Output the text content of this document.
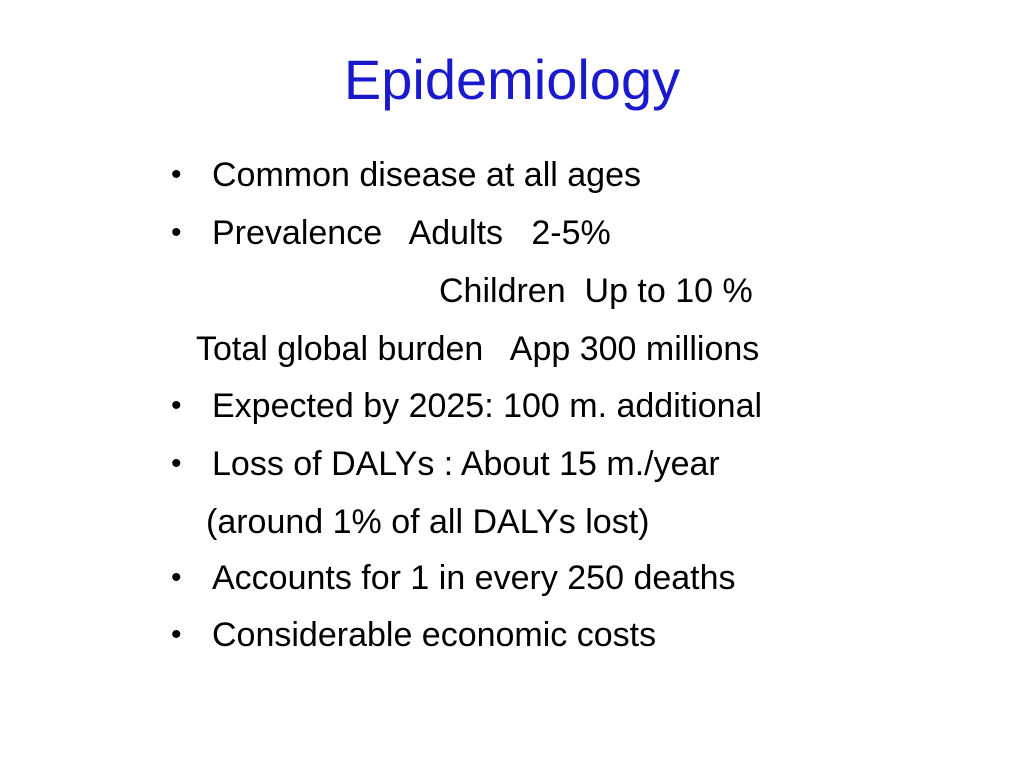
Epidemiology
• Common disease at all ages
• Prevalence   Adults   2-5%
Children  Up to 10 %
Total global burden   App 300 millions
• Expected by 2025: 100 m. additional
• Loss of DALYs : About 15 m./year
(around 1% of all DALYs lost)
• Accounts for 1 in every 250 deaths
• Considerable economic costs
